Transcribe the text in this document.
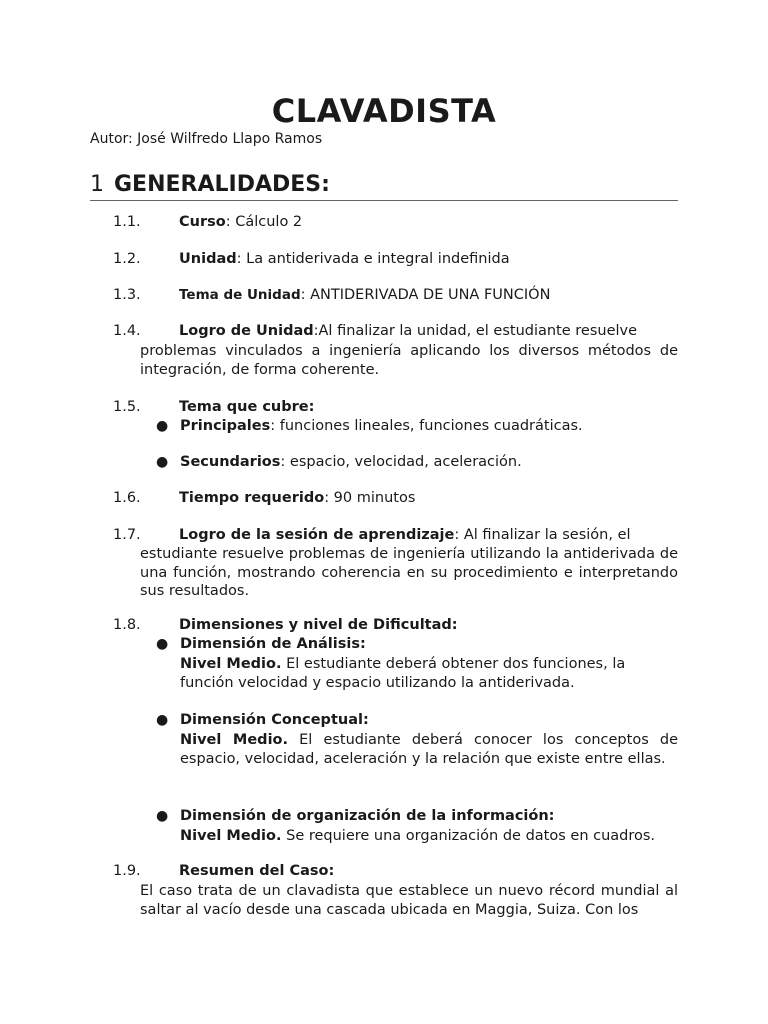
CLAVADISTA

Autor: José Wilfredo Llapo Ramos

1 GENERALIDADES:
1.1.	Curso: Cálculo 2
1.2.	Unidad: La antiderivada e integral indefinida
1.3.	Tema de Unidad: ANTIDERIVADA DE UNA FUNCIÓN
1.4.	Logro de Unidad:Al finalizar la unidad, el estudiante resuelve
problemas vinculados a ingeniería aplicando los diversos métodos de integración, de forma coherente.
1.5.	Tema que cubre:
● Principales: funciones lineales, funciones cuadráticas.
● Secundarios: espacio, velocidad, aceleración.
1.6.	Tiempo requerido: 90 minutos
1.7.	Logro de la sesión de aprendizaje: Al finalizar la sesión, el
estudiante resuelve problemas de ingeniería utilizando la antiderivada de una función, mostrando coherencia en su procedimiento e interpretando sus resultados.
1.8.	Dimensiones y nivel de Dificultad:
● Dimensión de Análisis:
Nivel Medio. El estudiante deberá obtener dos funciones, la función velocidad y espacio utilizando la antiderivada.
● Dimensión Conceptual:
Nivel Medio. El estudiante deberá conocer los conceptos de espacio, velocidad, aceleración y la relación que existe entre ellas.
● Dimensión de organización de la información:
Nivel Medio. Se requiere una organización de datos en cuadros.
1.9.	Resumen del Caso:
El caso trata de un clavadista que establece un nuevo récord mundial al saltar al vacío desde una cascada ubicada en Maggia, Suiza. Con los
